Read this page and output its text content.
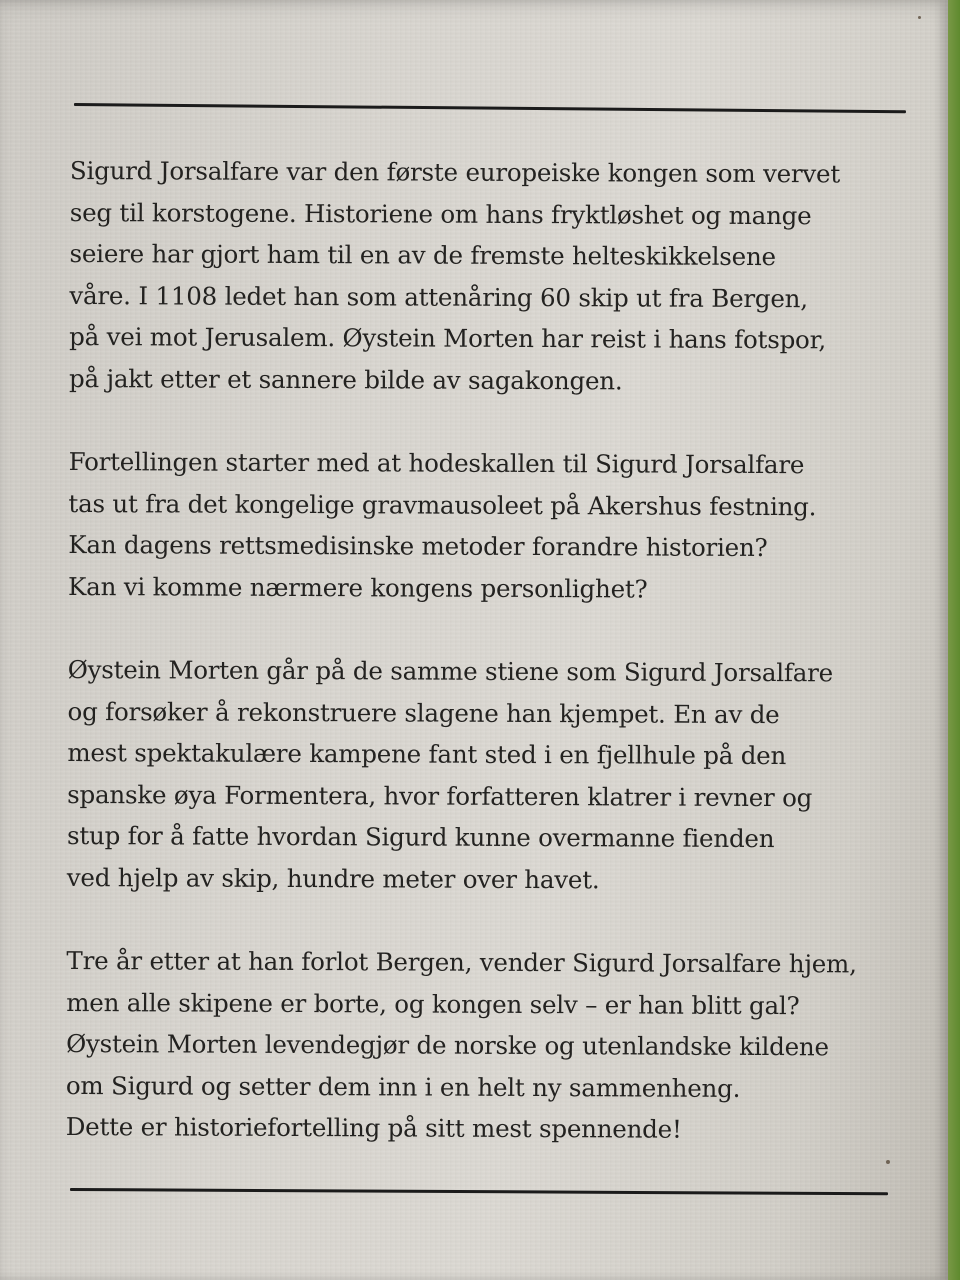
Sigurd Jorsalfare var den første europeiske kongen som vervet
seg til korstogene. Historiene om hans fryktløshet og mange
seiere har gjort ham til en av de fremste helteskikkelsene
våre. I 1108 ledet han som attenåring 60 skip ut fra Bergen,
på vei mot Jerusalem. Øystein Morten har reist i hans fotspor,
på jakt etter et sannere bilde av sagakongen.

Fortellingen starter med at hodeskallen til Sigurd Jorsalfare
tas ut fra det kongelige gravmausoleet på Akershus festning.
Kan dagens rettsmedisinske metoder forandre historien?
Kan vi komme nærmere kongens personlighet?

Øystein Morten går på de samme stiene som Sigurd Jorsalfare
og forsøker å rekonstruere slagene han kjempet. En av de
mest spektakulære kampene fant sted i en fjellhule på den
spanske øya Formentera, hvor forfatteren klatrer i revner og
stup for å fatte hvordan Sigurd kunne overmanne fienden
ved hjelp av skip, hundre meter over havet.

Tre år etter at han forlot Bergen, vender Sigurd Jorsalfare hjem,
men alle skipene er borte, og kongen selv – er han blitt gal?
Øystein Morten levendegjør de norske og utenlandske kildene
om Sigurd og setter dem inn i en helt ny sammenheng.
Dette er historiefortelling på sitt mest spennende!
